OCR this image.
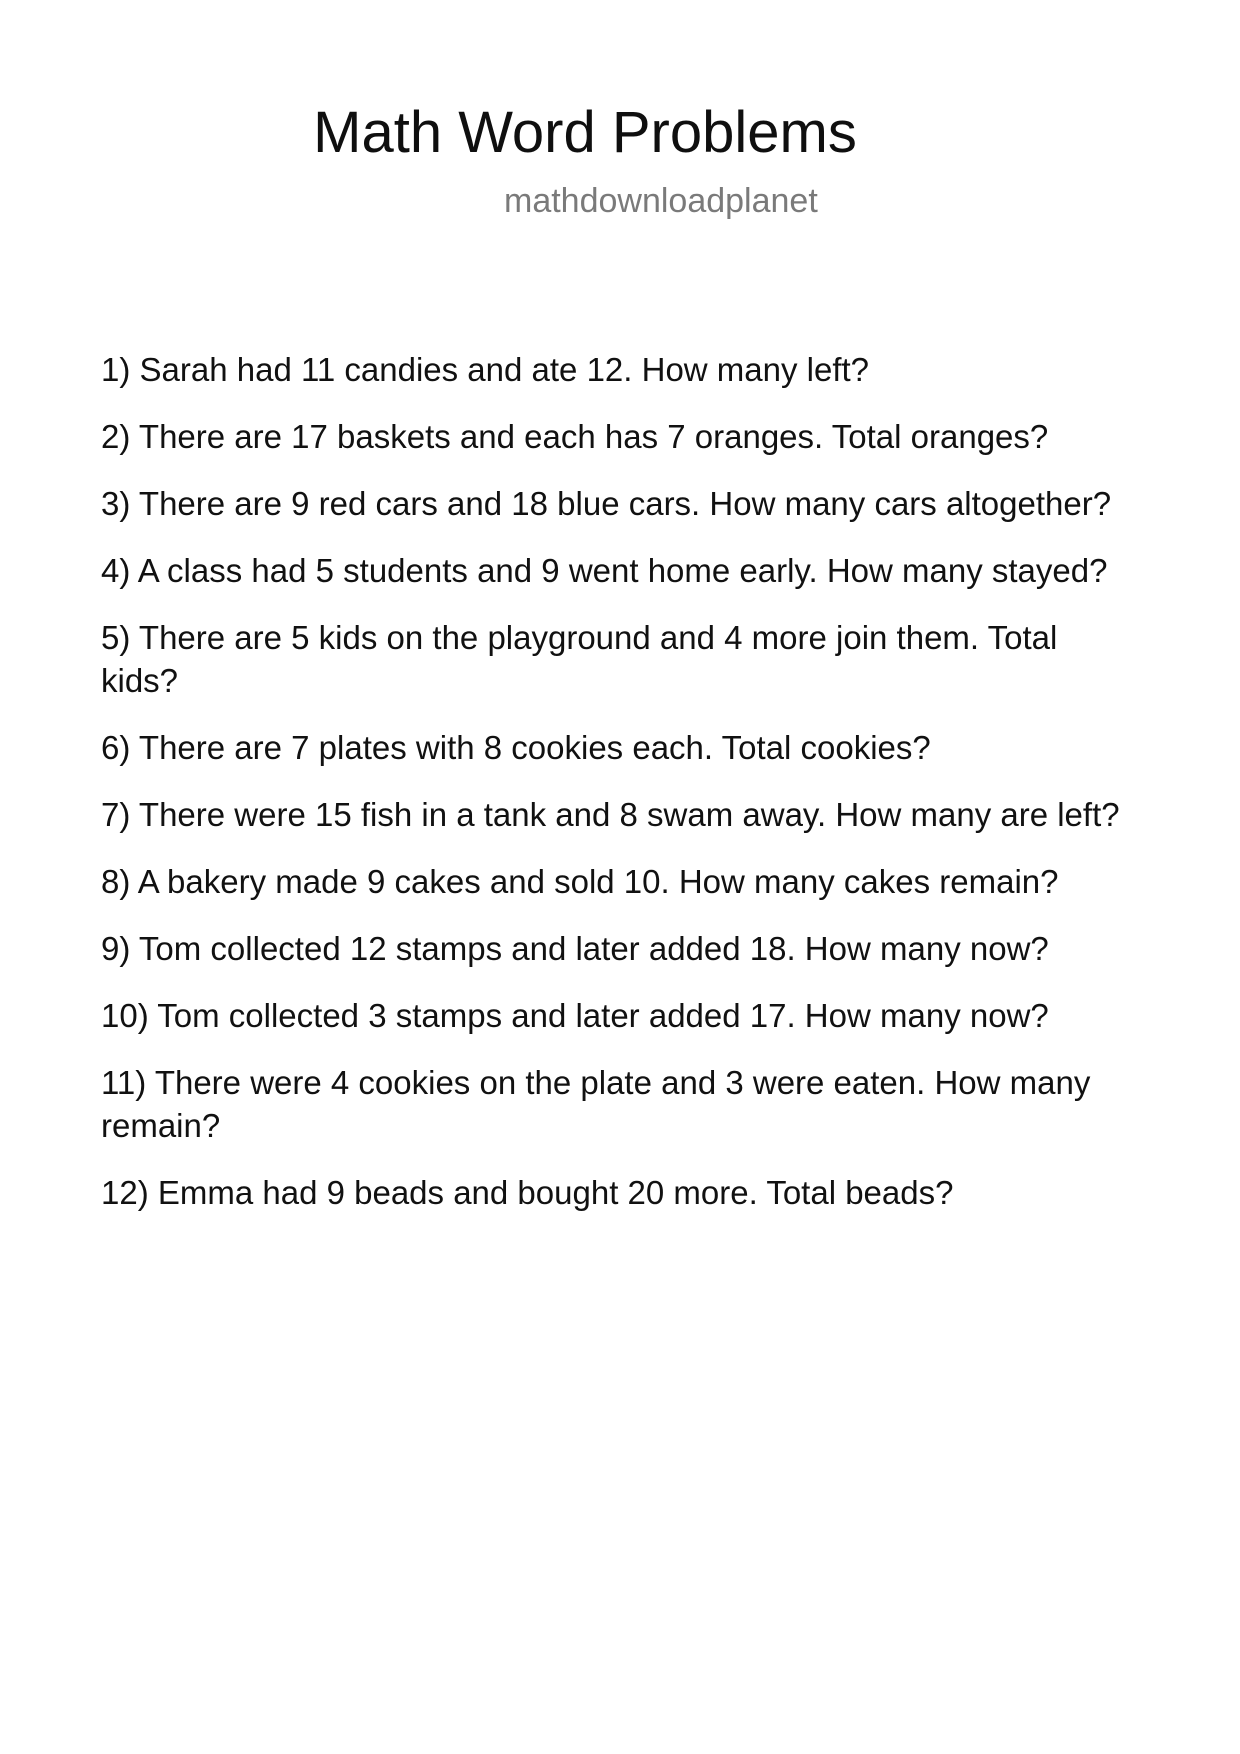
Math Word Problems

mathdownloadplanet

1) Sarah had 11 candies and ate 12. How many left?
2) There are 17 baskets and each has 7 oranges. Total oranges?
3) There are 9 red cars and 18 blue cars. How many cars altogether?
4) A class had 5 students and 9 went home early. How many stayed?
5) There are 5 kids on the playground and 4 more join them. Total kids?
6) There are 7 plates with 8 cookies each. Total cookies?
7) There were 15 fish in a tank and 8 swam away. How many are left?
8) A bakery made 9 cakes and sold 10. How many cakes remain?
9) Tom collected 12 stamps and later added 18. How many now?
10) Tom collected 3 stamps and later added 17. How many now?
11) There were 4 cookies on the plate and 3 were eaten. How many remain?
12) Emma had 9 beads and bought 20 more. Total beads?
